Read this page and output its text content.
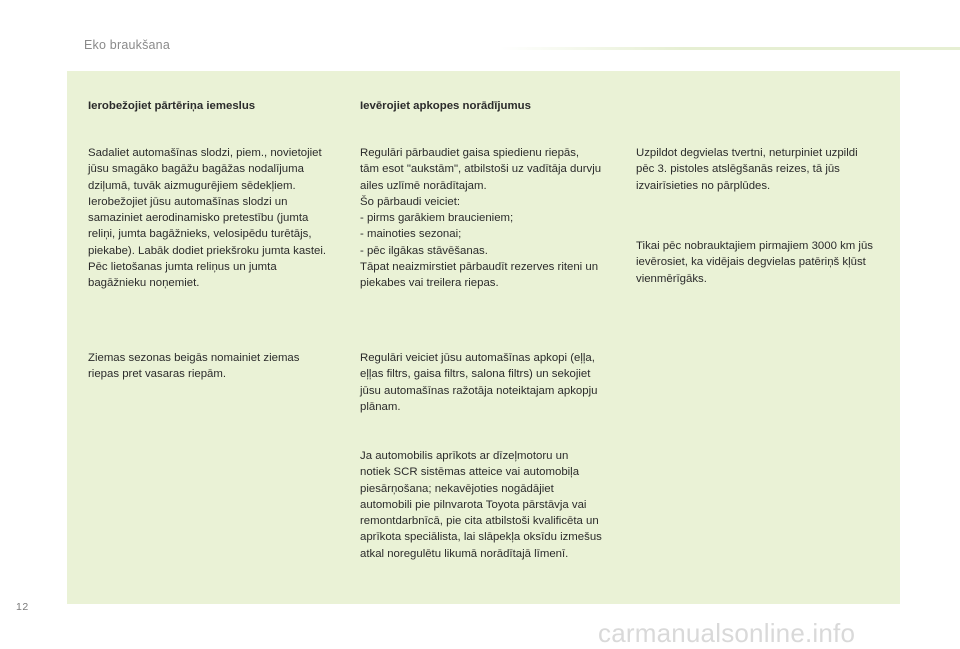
Eko braukšana
Ierobežojiet pārtēriņa iemeslus

Sadaliet automašīnas slodzi, piem., novietojiet
jūsu smagāko bagāžu bagāžas nodalījuma
dziļumā, tuvāk aizmugurējiem sēdekļiem.
Ierobežojiet jūsu automašīnas slodzi un
samaziniet aerodinamisko pretestību (jumta
reliņi, jumta bagāžnieks, velosipēdu turētājs,
piekabe). Labāk dodiet priekšroku jumta kastei.
Pēc lietošanas jumta reliņus un jumta
bagāžnieku noņemiet.

Ziemas sezonas beigās nomainiet ziemas
riepas pret vasaras riepām.

Ievērojiet apkopes norādījumus

Regulāri pārbaudiet gaisa spiedienu riepās,
tām esot "aukstām", atbilstoši uz vadītāja durvju
ailes uzlīmē norādītajam.
Šo pārbaudi veiciet:
- pirms garākiem braucieniem;
- mainoties sezonai;
- pēc ilgākas stāvēšanas.
Tāpat neaizmirstiet pārbaudīt rezerves riteni un
piekabes vai treilera riepas.

Regulāri veiciet jūsu automašīnas apkopi (eļļa,
eļļas filtrs, gaisa filtrs, salona filtrs) un sekojiet
jūsu automašīnas ražotāja noteiktajam apkopju
plānam.

Ja automobilis aprīkots ar dīzeļmotoru un
notiek SCR sistēmas atteice vai automobiļa
piesārņošana; nekavējoties nogādājiet
automobili pie pilnvarota Toyota pārstāvja vai
remontdarbnīcā, pie cita atbilstoši kvalificēta un
aprīkota speciālista, lai slāpekļa oksīdu izmešus
atkal noregulētu likumā norādītajā līmenī.

Uzpildot degvielas tvertni, neturpiniet uzpildi
pēc 3. pistoles atslēgšanās reizes, tā jūs
izvairīsieties no pārplūdes.

Tikai pēc nobrauktajiem pirmajiem 3000 km jūs
ievērosiet, ka vidējais degvielas patēriņš kļūst
vienmērīgāks.

12
carmanualsonline.info
